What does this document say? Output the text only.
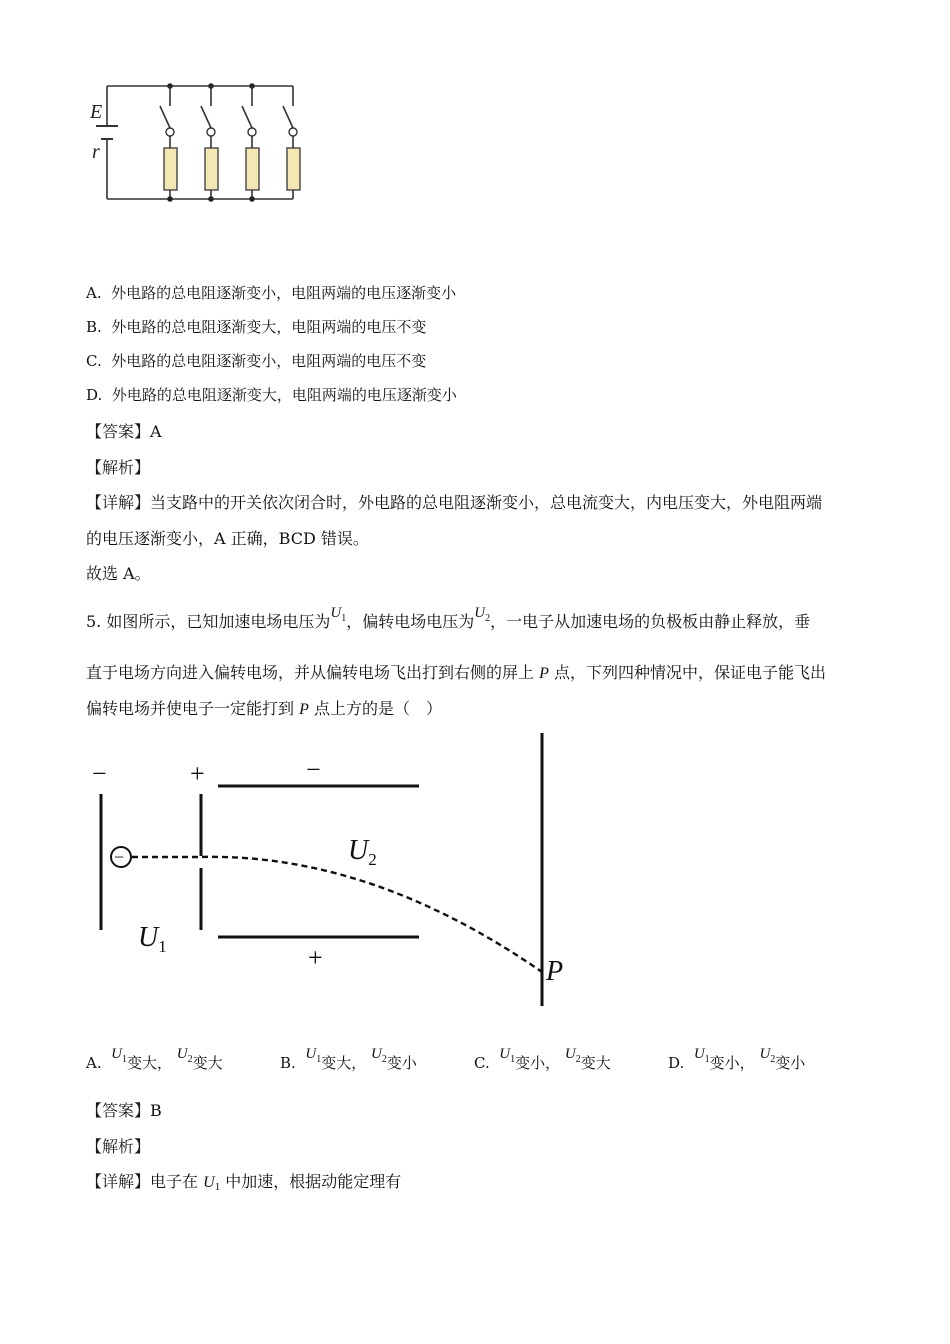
E
r
A. 外电路的总电阻逐渐变小，电阻两端的电压逐渐变小
B. 外电路的总电阻逐渐变大，电阻两端的电压不变
C. 外电路的总电阻逐渐变小，电阻两端的电压不变
D. 外电路的总电阻逐渐变大，电阻两端的电压逐渐变小
【答案】A
【解析】
【详解】当支路中的开关依次闭合时，外电路的总电阻逐渐变小，总电流变大，内电压变大，外电阻两端
的电压逐渐变小，A 正确，BCD 错误。
故选 A。
5. 如图所示，已知加速电场电压为$U_1$，偏转电场电压为$U_2$，一电子从加速电场的负极板由静止释放，垂
直于电场方向进入偏转电场，并从偏转电场飞出打到右侧的屏上 P 点，下列四种情况中，保证电子能飞出
偏转电场并使电子一定能打到 P 点上方的是（　）
−
−	+	−
+
$U_1$
$U_2$
P
A. $U_1$变大， $U_2$变大	B. $U_1$变大， $U_2$变小	C. $U_1$变小， $U_2$变大	D. $U_1$变小， $U_2$变小
【答案】B
【解析】
【详解】电子在 $U_1$ 中加速，根据动能定理有
